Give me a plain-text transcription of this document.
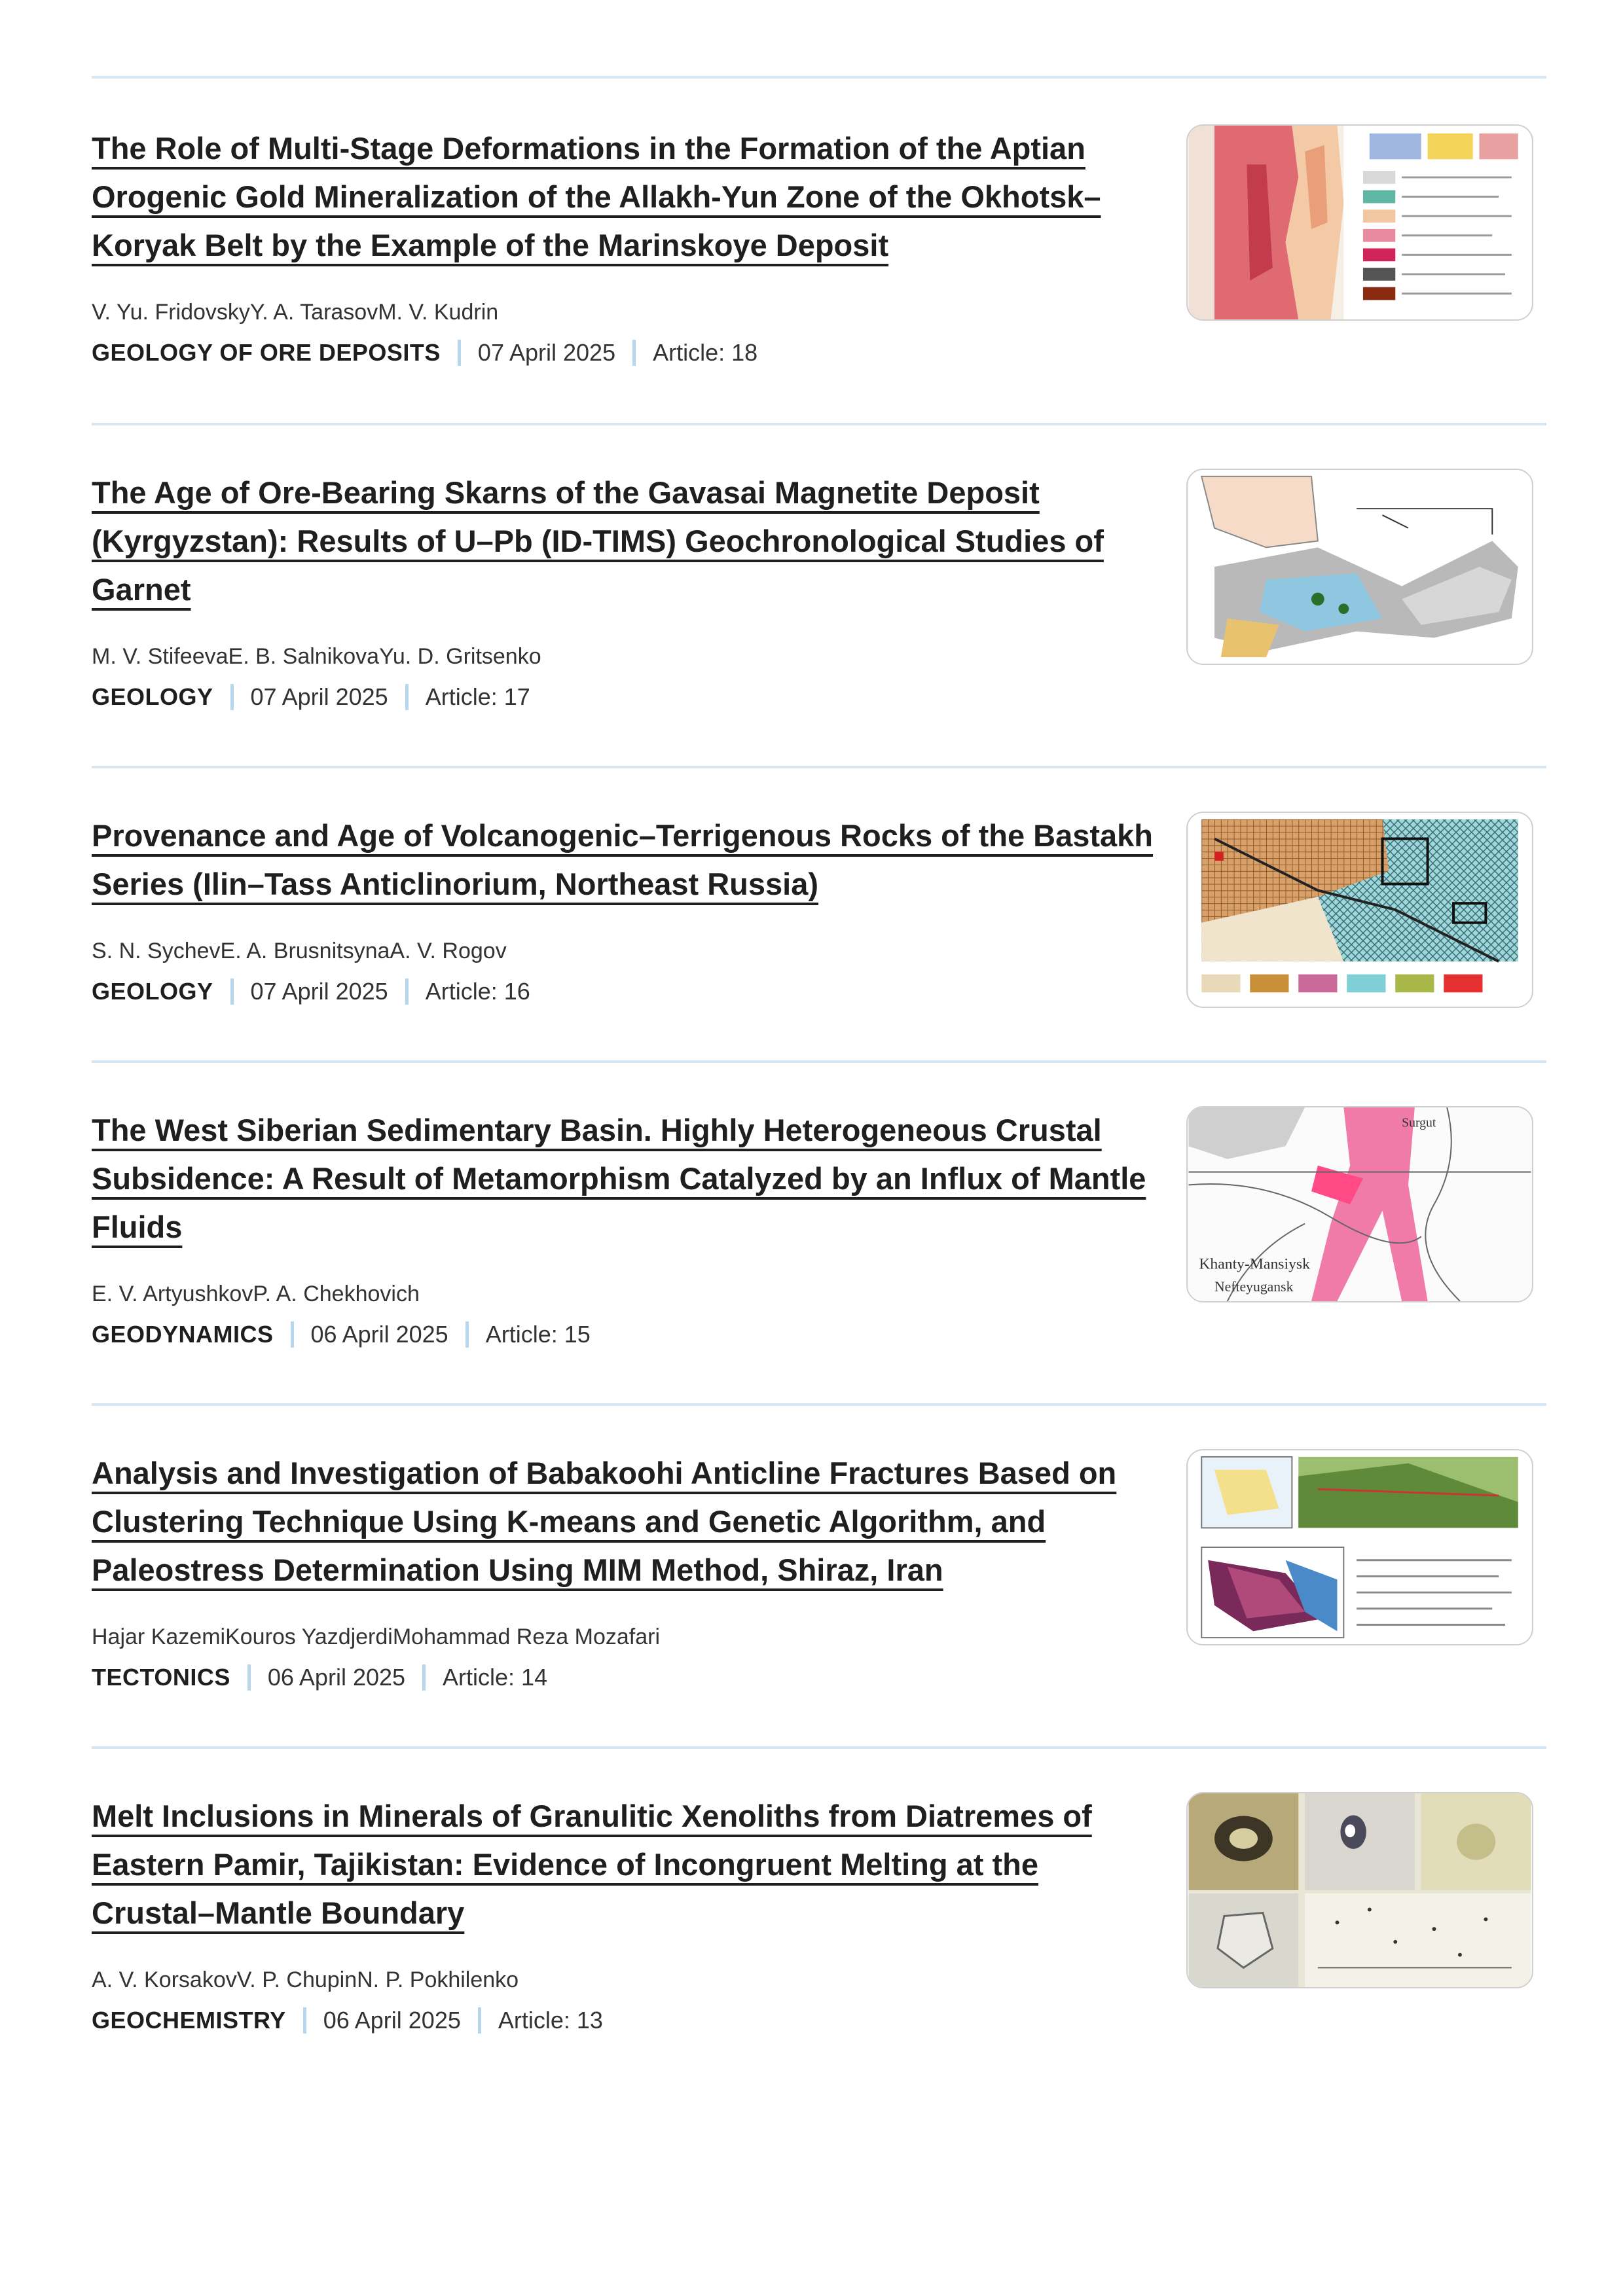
The Role of Multi-Stage Deformations in the Formation of the Aptian Orogenic Gold Mineralization of the Allakh-Yun Zone of the Okhotsk–Koryak Belt by the Example of the Marinskoye Deposit
V. Yu. FridovskyY. A. TarasovM. V. Kudrin
GEOLOGY OF ORE DEPOSITS 07 April 2025 Article: 18
The Age of Ore-Bearing Skarns of the Gavasai Magnetite Deposit (Kyrgyzstan): Results of U–Pb (ID-TIMS) Geochronological Studies of Garnet
M. V. StifeevaE. B. SalnikovaYu. D. Gritsenko
GEOLOGY 07 April 2025 Article: 17
Provenance and Age of Volcanogenic–Terrigenous Rocks of the Bastakh Series (Ilin–Tass Anticlinorium, Northeast Russia)
S. N. SychevE. A. BrusnitsynaA. V. Rogov
GEOLOGY 07 April 2025 Article: 16
The West Siberian Sedimentary Basin. Highly Heterogeneous Crustal Subsidence: A Result of Metamorphism Catalyzed by an Influx of Mantle Fluids
E. V. ArtyushkovP. A. Chekhovich
GEODYNAMICS 06 April 2025 Article: 15
Khanty-Mansiysk
Nefteyugansk
Surgut
Analysis and Investigation of Babakoohi Anticline Fractures Based on Clustering Technique Using K-means and Genetic Algorithm, and Paleostress Determination Using MIM Method, Shiraz, Iran
Hajar KazemiKouros YazdjerdiMohammad Reza Mozafari
TECTONICS 06 April 2025 Article: 14
Melt Inclusions in Minerals of Granulitic Xenoliths from Diatremes of Eastern Pamir, Tajikistan: Evidence of Incongruent Melting at the Crustal–Mantle Boundary
A. V. KorsakovV. P. ChupinN. P. Pokhilenko
GEOCHEMISTRY 06 April 2025 Article: 13
